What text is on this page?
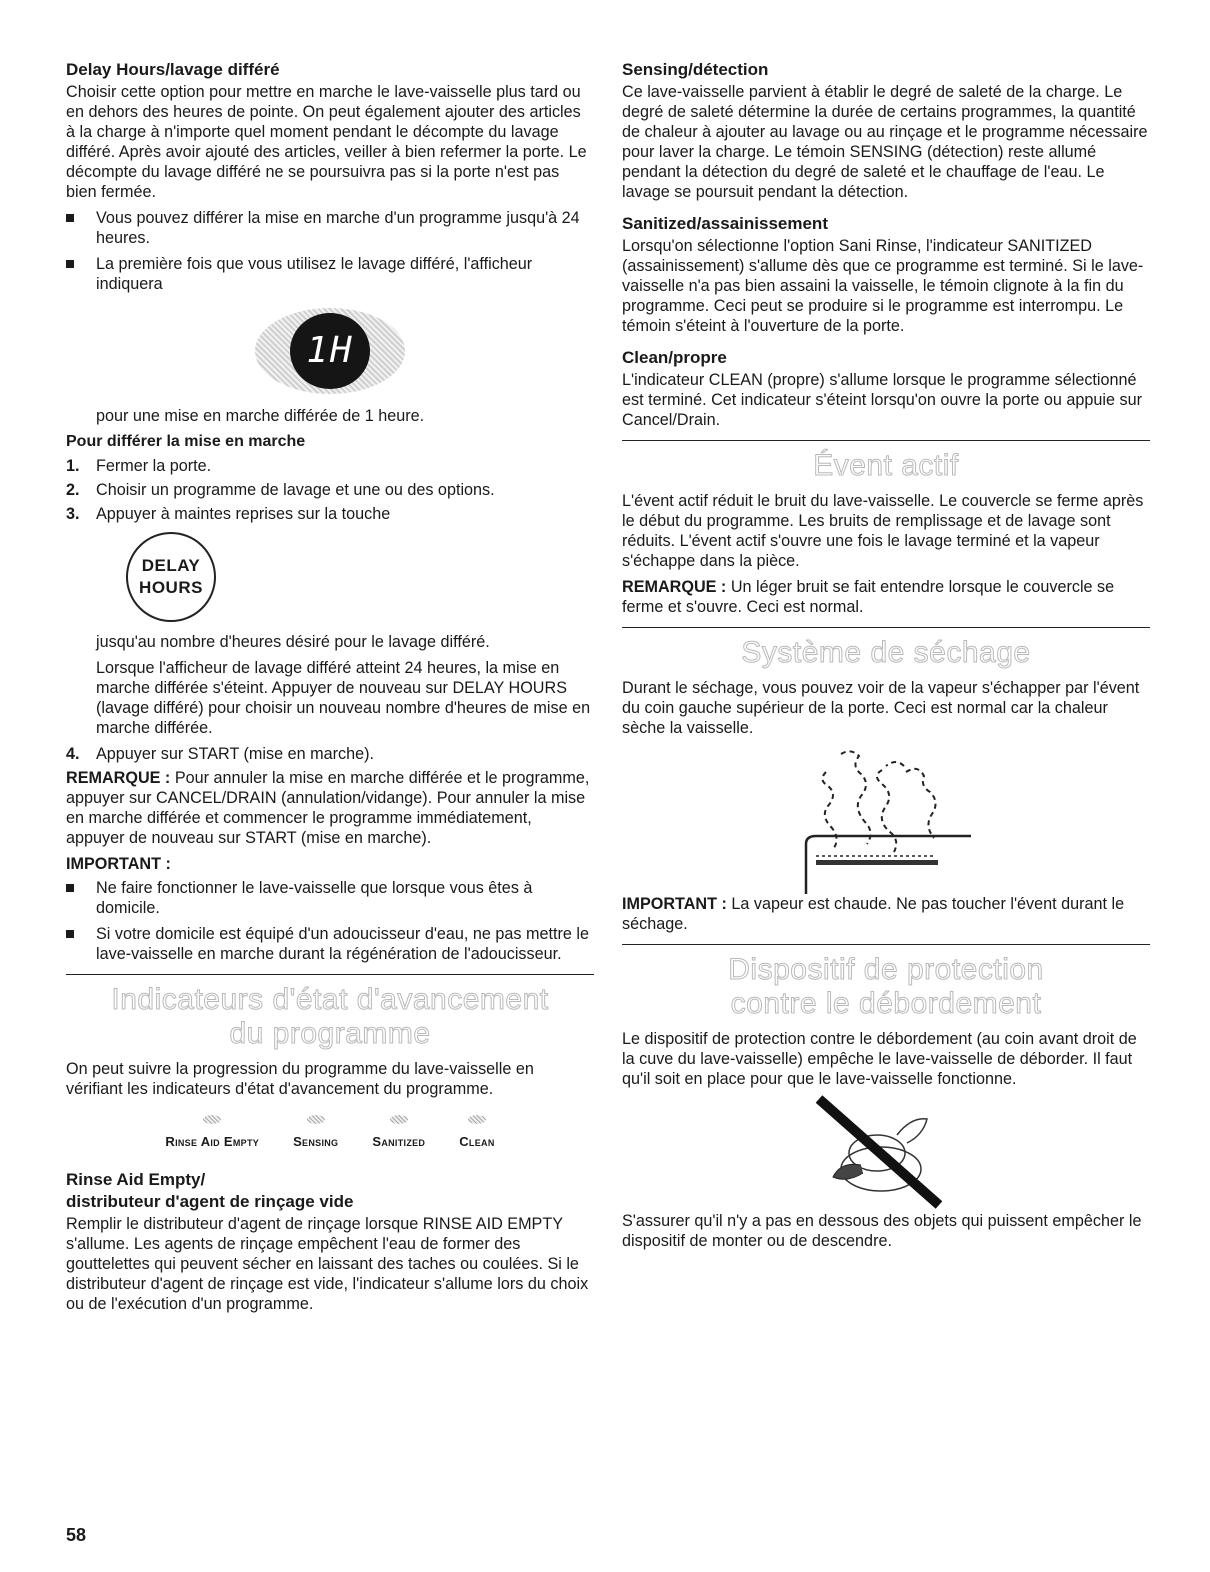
Delay Hours/lavage différé

Choisir cette option pour mettre en marche le lave-vaisselle plus tard ou en dehors des heures de pointe. On peut également ajouter des articles à la charge à n'importe quel moment pendant le décompte du lavage différé. Après avoir ajouté des articles, veiller à bien refermer la porte. Le décompte du lavage différé ne se poursuivra pas si la porte n'est pas bien fermée.

Vous pouvez différer la mise en marche d'un programme jusqu'à 24 heures.
La première fois que vous utilisez le lavage différé, l'afficheur indiquera
1H

pour une mise en marche différée de 1 heure.

Pour différer la mise en marche
1. Fermer la porte.
2. Choisir un programme de lavage et une ou des options.
3. Appuyer à maintes reprises sur la touche
DELAY
HOURS

jusqu'au nombre d'heures désiré pour le lavage différé.

Lorsque l'afficheur de lavage différé atteint 24 heures, la mise en marche différée s'éteint. Appuyer de nouveau sur DELAY HOURS (lavage différé) pour choisir un nouveau nombre d'heures de mise en marche différée.

4. Appuyer sur START (mise en marche).

REMARQUE : Pour annuler la mise en marche différée et le programme, appuyer sur CANCEL/DRAIN (annulation/vidange). Pour annuler la mise en marche différée et commencer le programme immédiatement, appuyer de nouveau sur START (mise en marche).

IMPORTANT :
Ne faire fonctionner le lave-vaisselle que lorsque vous êtes à domicile.
Si votre domicile est équipé d'un adoucisseur d'eau, ne pas mettre le lave-vaisselle en marche durant la régénération de l'adoucisseur.
Indicateurs d'état d'avancement
du programme

On peut suivre la progression du programme du lave-vaisselle en vérifiant les indicateurs d'état d'avancement du programme.

Rinse Aid Empty	Sensing	Sanitized	Clean
Rinse Aid Empty/
distributeur d'agent de rinçage vide

Remplir le distributeur d'agent de rinçage lorsque RINSE AID EMPTY s'allume. Les agents de rinçage empêchent l'eau de former des gouttelettes qui peuvent sécher en laissant des taches ou coulées. Si le distributeur d'agent de rinçage est vide, l'indicateur s'allume lors du choix ou de l'exécution d'un programme.

Sensing/détection

Ce lave-vaisselle parvient à établir le degré de saleté de la charge. Le degré de saleté détermine la durée de certains programmes, la quantité de chaleur à ajouter au lavage ou au rinçage et le programme nécessaire pour laver la charge. Le témoin SENSING (détection) reste allumé pendant la détection du degré de saleté et le chauffage de l'eau. Le lavage se poursuit pendant la détection.

Sanitized/assainissement

Lorsqu'on sélectionne l'option Sani Rinse, l'indicateur SANITIZED (assainissement) s'allume dès que ce programme est terminé. Si le lave-vaisselle n'a pas bien assaini la vaisselle, le témoin clignote à la fin du programme. Ceci peut se produire si le programme est interrompu. Le témoin s'éteint à l'ouverture de la porte.

Clean/propre

L'indicateur CLEAN (propre) s'allume lorsque le programme sélectionné est terminé. Cet indicateur s'éteint lorsqu'on ouvre la porte ou appuie sur Cancel/Drain.

Évent actif

L'évent actif réduit le bruit du lave-vaisselle. Le couvercle se ferme après le début du programme. Les bruits de remplissage et de lavage sont réduits. L'évent actif s'ouvre une fois le lavage terminé et la vapeur s'échappe dans la pièce.

REMARQUE : Un léger bruit se fait entendre lorsque le couvercle se ferme et s'ouvre. Ceci est normal.

Système de séchage

Durant le séchage, vous pouvez voir de la vapeur s'échapper par l'évent du coin gauche supérieur de la porte. Ceci est normal car la chaleur sèche la vaisselle.

IMPORTANT : La vapeur est chaude. Ne pas toucher l'évent durant le séchage.

Dispositif de protection
contre le débordement

Le dispositif de protection contre le débordement (au coin avant droit de la cuve du lave-vaisselle) empêche le lave-vaisselle de déborder. Il faut qu'il soit en place pour que le lave-vaisselle fonctionne.

S'assurer qu'il n'y a pas en dessous des objets qui puissent empêcher le dispositif de monter ou de descendre.

58
